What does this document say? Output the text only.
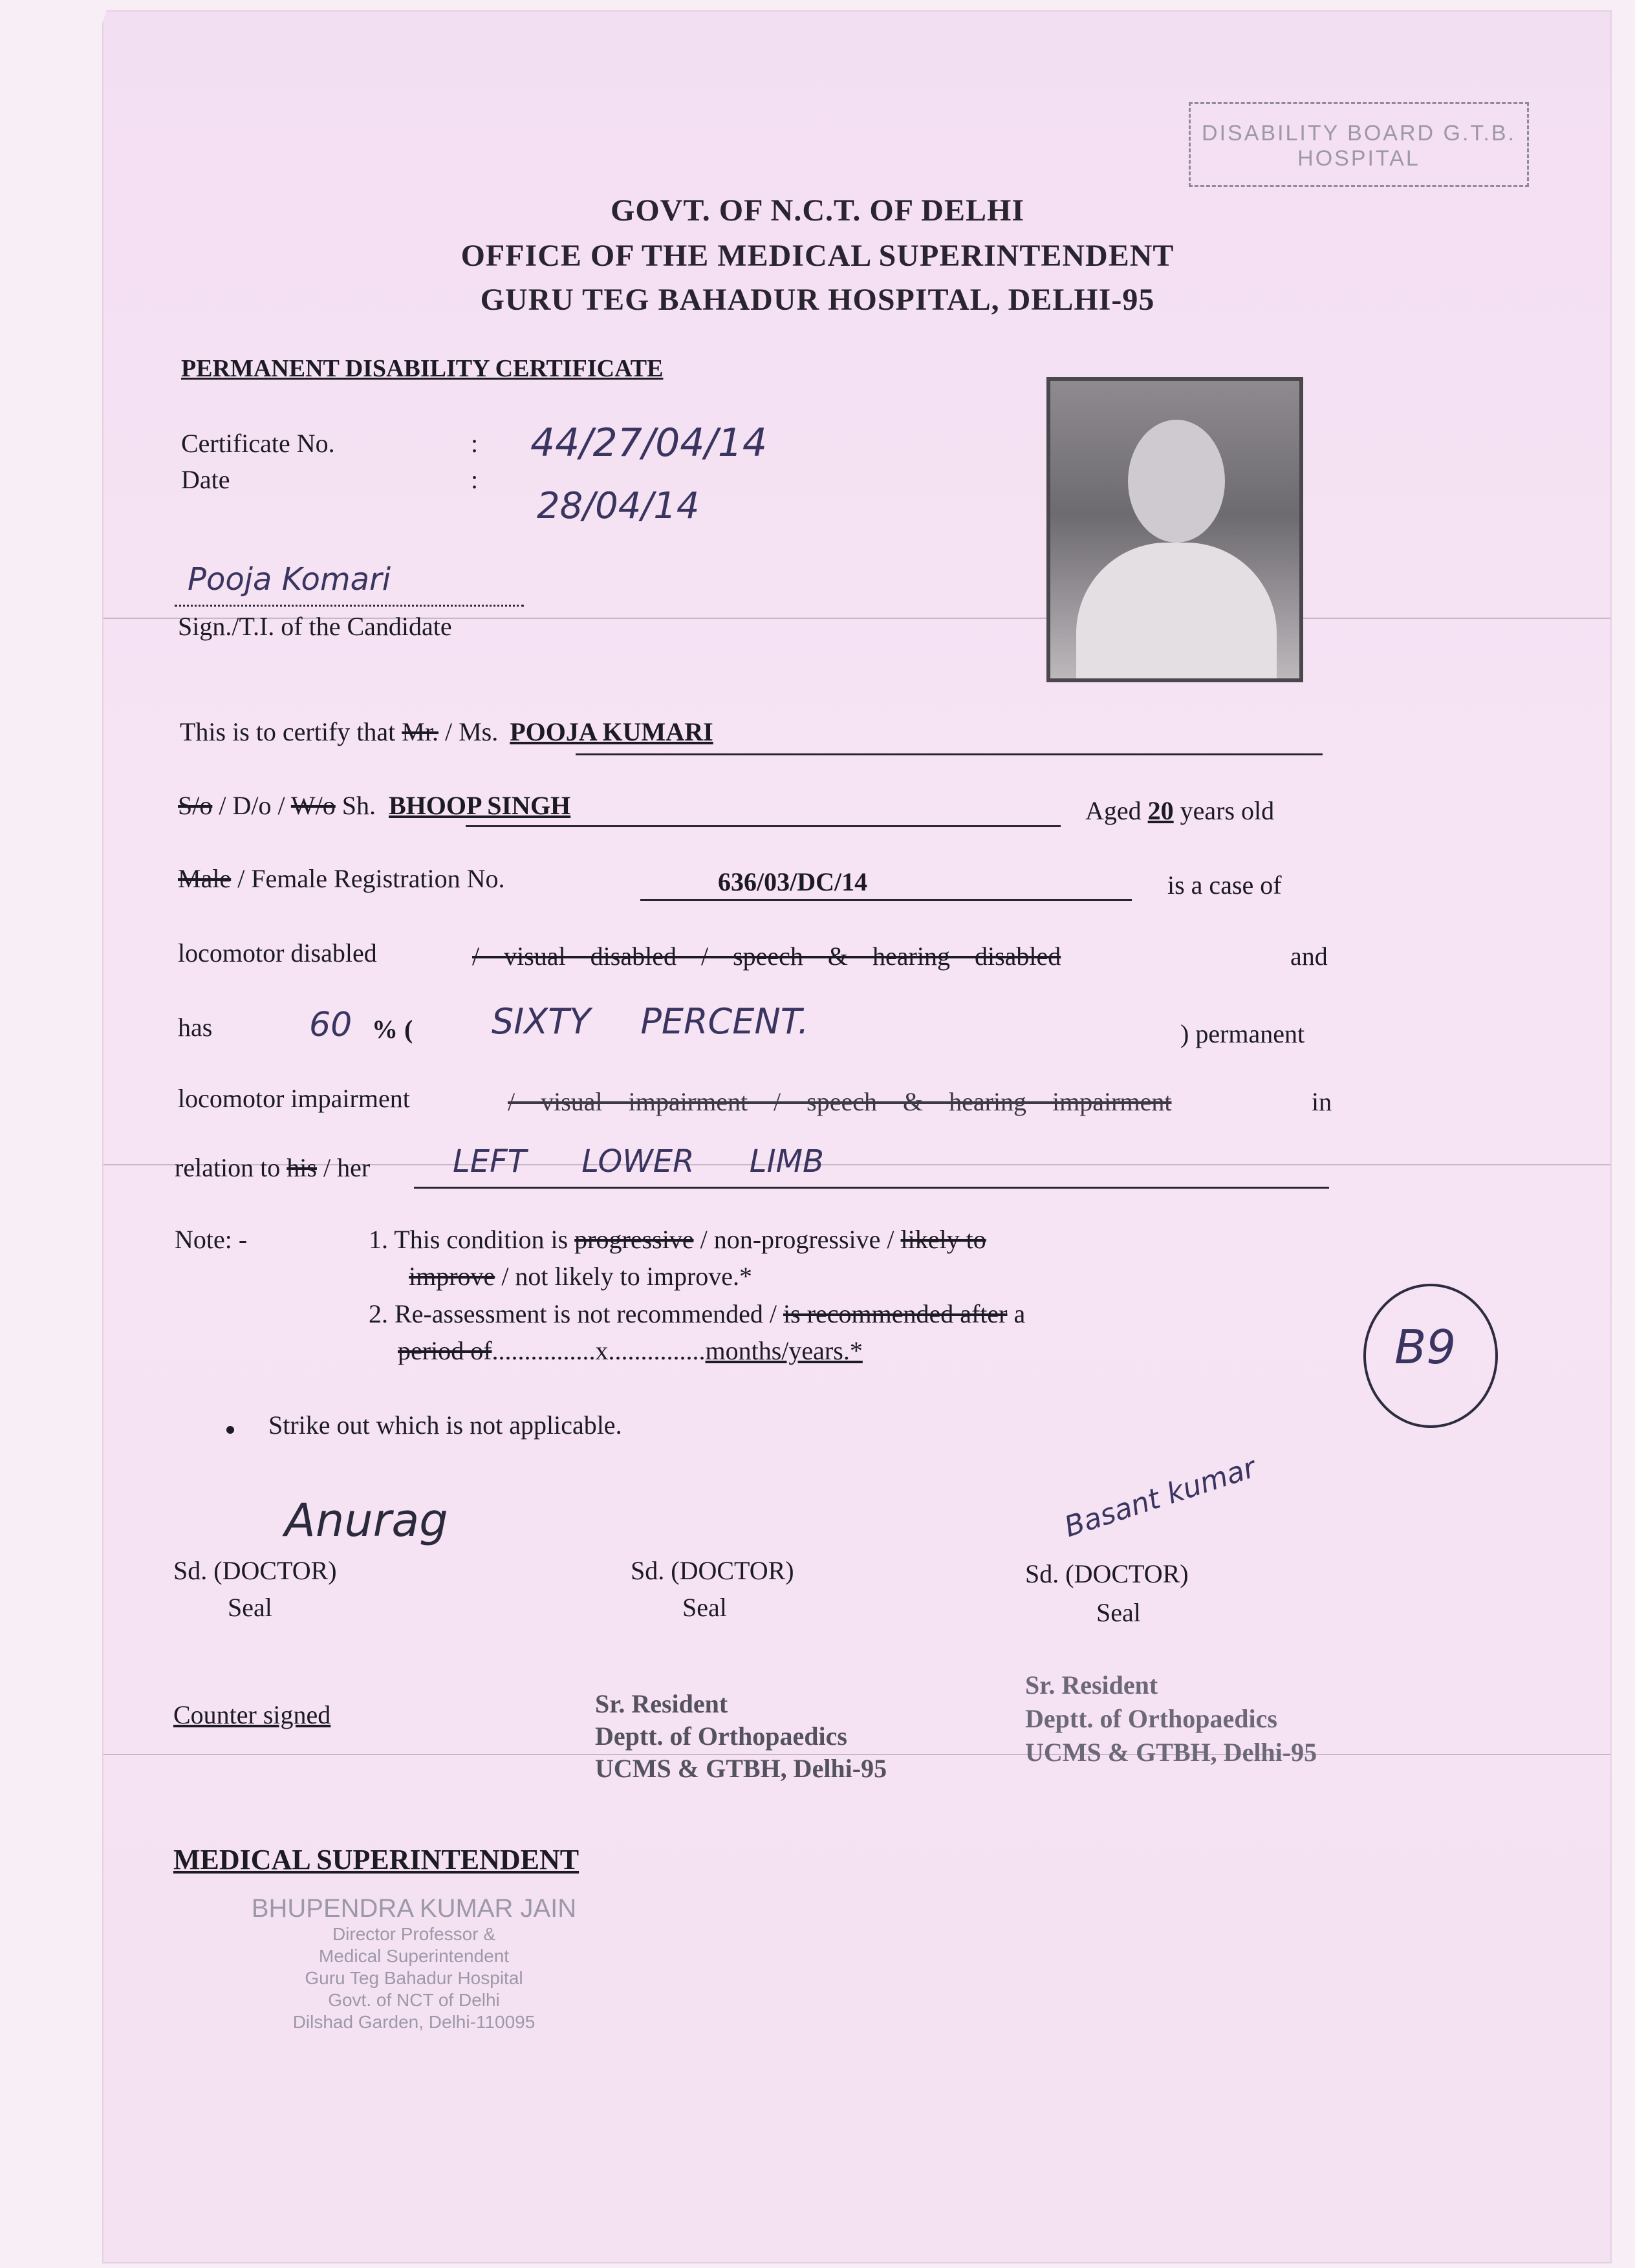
DISABILITY BOARD G.T.B. HOSPITAL
GOVT. OF N.C.T. OF DELHI
OFFICE OF THE MEDICAL SUPERINTENDENT
GURU TEG BAHADUR HOSPITAL, DELHI-95
PERMANENT DISABILITY CERTIFICATE
Certificate No.	: 44/27/04/14
Date	:
28/04/14
Pooja Komari
Sign./T.I. of the Candidate
This is to certify that Mr. / Ms. POOJA KUMARI
S/o / D/o / W/o Sh. BHOOP SINGH	Aged 20 years old
Male / Female Registration No.	636/03/DC/14	is a case of
locomotor disabled	/ visual disabled / speech & hearing disabled	and
has	60 % ( SIXTY PERCENT.	) permanent
locomotor impairment	/ visual impairment / speech & hearing impairment	in
relation to his / her	LEFT LOWER LIMB
Note: -	1. This condition is progressive / non-progressive / likely to
improve / not likely to improve.*
2. Re-assessment is not recommended / is recommended after a
period of................x...............months/years.*	B9
Strike out which is not applicable.
Anurag	Basant kumar
Sd. (DOCTOR)
Seal
Sd. (DOCTOR)
Seal
Sd. (DOCTOR)
Seal
Sr. Resident
Deptt. of Orthopaedics
UCMS & GTBH, Delhi-95
Sr. Resident
Deptt. of Orthopaedics
UCMS & GTBH, Delhi-95
Counter signed
MEDICAL SUPERINTENDENT
BHUPENDRA KUMAR JAIN
Director Professor &
Medical Superintendent
Guru Teg Bahadur Hospital
Govt. of NCT of Delhi
Dilshad Garden, Delhi-110095
